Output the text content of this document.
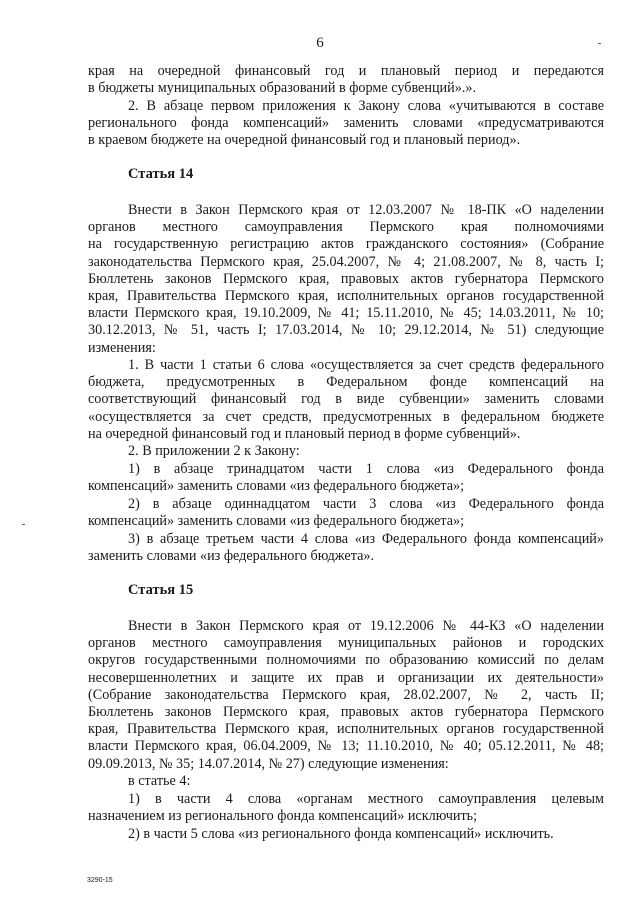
6
края на очередной финансовый год и плановый период и передаются
в бюджеты муниципальных образований в форме субвенций».».
2. В абзаце первом приложения к Закону слова «учитываются в составе
регионального фонда компенсаций» заменить словами «предусматриваются
в краевом бюджете на очередной финансовый год и плановый период».
Статья 14
Внести в Закон Пермского края от 12.03.2007 № 18-ПК «О наделении
органов местного самоуправления Пермского края полномочиями
на государственную регистрацию актов гражданского состояния» (Собрание
законодательства Пермского края, 25.04.2007, № 4; 21.08.2007, № 8, часть I;
Бюллетень законов Пермского края, правовых актов губернатора Пермского
края, Правительства Пермского края, исполнительных органов государственной
власти Пермского края, 19.10.2009, № 41; 15.11.2010, № 45; 14.03.2011, № 10;
30.12.2013, № 51, часть I; 17.03.2014, № 10; 29.12.2014, № 51) следующие
изменения:
1. В части 1 статьи 6 слова «осуществляется за счет средств федерального
бюджета, предусмотренных в Федеральном фонде компенсаций на
соответствующий финансовый год в виде субвенции» заменить словами
«осуществляется за счет средств, предусмотренных в федеральном бюджете
на очередной финансовый год и плановый период в форме субвенций».
2. В приложении 2 к Закону:
1) в абзаце тринадцатом части 1 слова «из Федерального фонда
компенсаций» заменить словами «из федерального бюджета»;
2) в абзаце одиннадцатом части 3 слова «из Федерального фонда
компенсаций» заменить словами «из федерального бюджета»;
3) в абзаце третьем части 4 слова «из Федерального фонда компенсаций»
заменить словами «из федерального бюджета».
Статья 15
Внести в Закон Пермского края от 19.12.2006 № 44-КЗ «О наделении
органов местного самоуправления муниципальных районов и городских
округов государственными полномочиями по образованию комиссий по делам
несовершеннолетних и защите их прав и организации их деятельности»
(Собрание законодательства Пермского края, 28.02.2007, № 2, часть II;
Бюллетень законов Пермского края, правовых актов губернатора Пермского
края, Правительства Пермского края, исполнительных органов государственной
власти Пермского края, 06.04.2009, № 13; 11.10.2010, № 40; 05.12.2011, № 48;
09.09.2013, № 35; 14.07.2014, № 27) следующие изменения:
в статье 4:
1) в части 4 слова «органам местного самоуправления целевым
назначением из регионального фонда компенсаций» исключить;
2) в части 5 слова «из регионального фонда компенсаций» исключить.
3290-15
